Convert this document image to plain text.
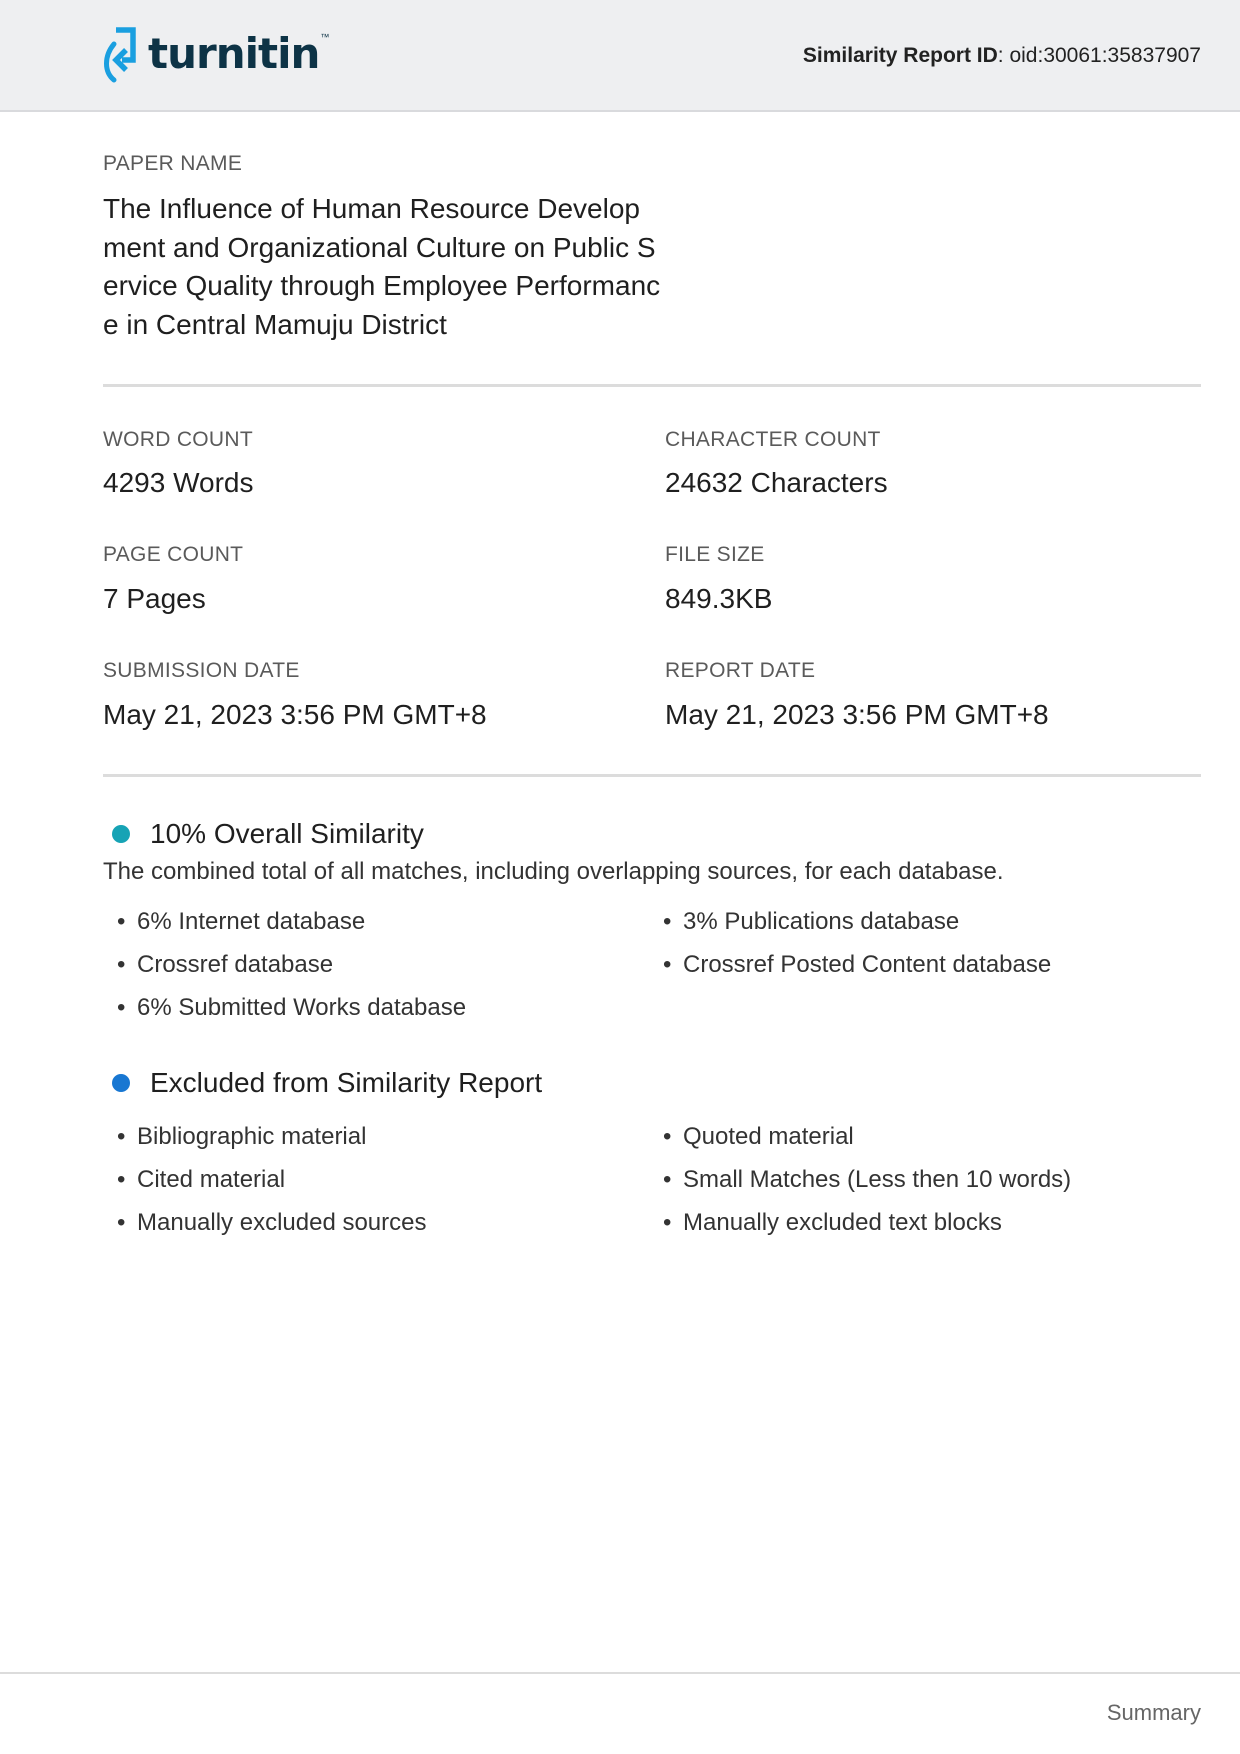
turnitin ™
Similarity Report ID: oid:30061:35837907
PAPER NAME
The Influence of Human Resource Development and Organizational Culture on Public Service Quality through Employee Performance in Central Mamuju District
WORD COUNT
4293 Words
CHARACTER COUNT
24632 Characters
PAGE COUNT
7 Pages
FILE SIZE
849.3KB
SUBMISSION DATE
May 21, 2023 3:56 PM GMT+8
REPORT DATE
May 21, 2023 3:56 PM GMT+8
10% Overall Similarity
The combined total of all matches, including overlapping sources, for each database.
• 6% Internet database
• Crossref database
• 6% Submitted Works database
• 3% Publications database
• Crossref Posted Content database
Excluded from Similarity Report
• Bibliographic material
• Cited material
• Manually excluded sources
• Quoted material
• Small Matches (Less then 10 words)
• Manually excluded text blocks
Summary
